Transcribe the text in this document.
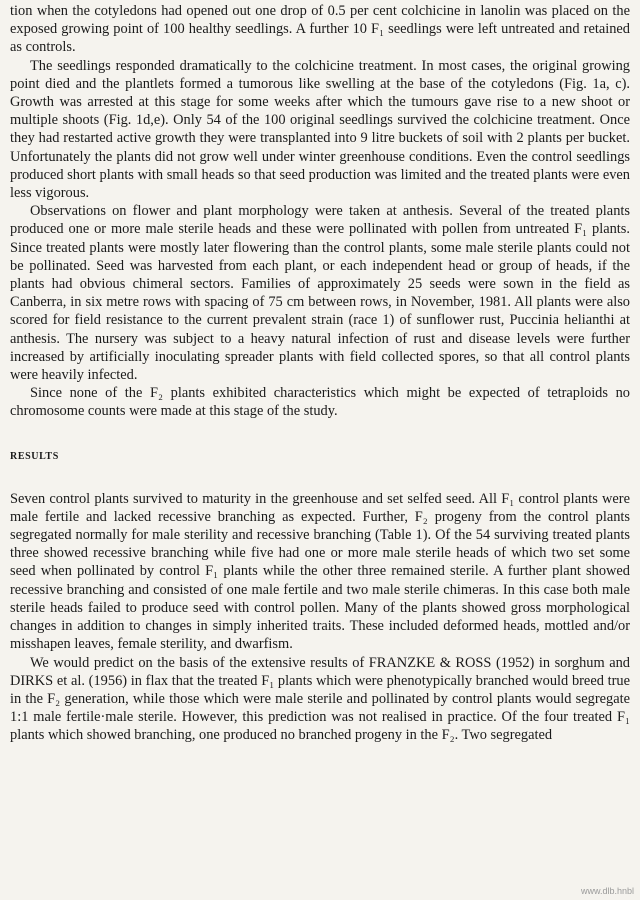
tion when the cotyledons had opened out one drop of 0.5 per cent colchicine in lanolin was placed on the exposed growing point of 100 healthy seedlings. A further 10 F₁ seedlings were left untreated and retained as controls.

The seedlings responded dramatically to the colchicine treatment. In most cases, the original growing point died and the plantlets formed a tumorous like swelling at the base of the cotyledons (Fig. 1a, c). Growth was arrested at this stage for some weeks after which the tumours gave rise to a new shoot or multiple shoots (Fig. 1d,e). Only 54 of the 100 original seedlings survived the colchicine treatment. Once they had restarted active growth they were transplanted into 9 litre buckets of soil with 2 plants per bucket. Unfortunately the plants did not grow well under winter greenhouse conditions. Even the control seedlings produced short plants with small heads so that seed production was limited and the treated plants were even less vigorous.

Observations on flower and plant morphology were taken at anthesis. Several of the treated plants produced one or more male sterile heads and these were pollinated with pollen from untreated F₁ plants. Since treated plants were mostly later flowering than the control plants, some male sterile plants could not be pollinated. Seed was harvested from each plant, or each independent head or group of heads, if the plants had obvious chimeral sectors. Families of approximately 25 seeds were sown in the field as Canberra, in six metre rows with spacing of 75 cm between rows, in November, 1981. All plants were also scored for field resistance to the current prevalent strain (race 1) of sunflower rust, Puccinia helianthi at anthesis. The nursery was subject to a heavy natural infection of rust and disease levels were further increased by artificially inoculating spreader plants with field collected spores, so that all control plants were heavily infected.

Since none of the F₂ plants exhibited characteristics which might be expected of tetraploids no chromosome counts were made at this stage of the study.

RESULTS

Seven control plants survived to maturity in the greenhouse and set selfed seed. All F₁ control plants were male fertile and lacked recessive branching as expected. Further, F₂ progeny from the control plants segregated normally for male sterility and recessive branching (Table 1). Of the 54 surviving treated plants three showed recessive branching while five had one or more male sterile heads of which two set some seed when pollinated by control F₁ plants while the other three remained sterile. A further plant showed recessive branching and consisted of one male fertile and two male sterile chimeras. In this case both male sterile heads failed to produce seed with control pollen. Many of the plants showed gross morphological changes in addition to changes in simply inherited traits. These included deformed heads, mottled and/or misshapen leaves, female sterility, and dwarfism.

We would predict on the basis of the extensive results of FRANZKE & ROSS (1952) in sorghum and DIRKS et al. (1956) in flax that the treated F₁ plants which were phenotypically branched would breed true in the F₂ generation, while those which were male sterile and pollinated by control plants would segregate 1:1 male fertile·male sterile. However, this prediction was not realised in practice. Of the four treated F₁ plants which showed branching, one produced no branched progeny in the F₂. Two segregated

www.dlb.hnbl
